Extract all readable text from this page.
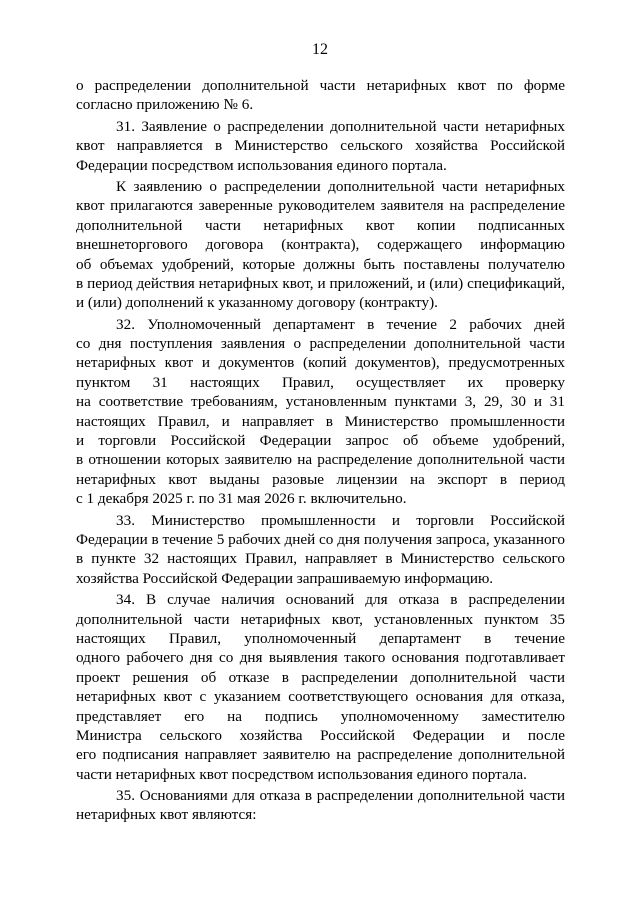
12
о распределении дополнительной части нетарифных квот по форме
согласно приложению № 6.
31. Заявление о распределении дополнительной части нетарифных
квот направляется в Министерство сельского хозяйства Российской
Федерации посредством использования единого портала.
К заявлению о распределении дополнительной части нетарифных
квот прилагаются заверенные руководителем заявителя на распределение
дополнительной части нетарифных квот копии подписанных
внешнеторгового договора (контракта), содержащего информацию
об объемах удобрений, которые должны быть поставлены получателю
в период действия нетарифных квот, и приложений, и (или) спецификаций,
и (или) дополнений к указанному договору (контракту).
32. Уполномоченный департамент в течение 2 рабочих дней
со дня поступления заявления о распределении дополнительной части
нетарифных квот и документов (копий документов), предусмотренных
пунктом 31 настоящих Правил, осуществляет их проверку
на соответствие требованиям, установленным пунктами 3, 29, 30 и 31
настоящих Правил, и направляет в Министерство промышленности
и торговли Российской Федерации запрос об объеме удобрений,
в отношении которых заявителю на распределение дополнительной части
нетарифных квот выданы разовые лицензии на экспорт в период
с 1 декабря 2025 г. по 31 мая 2026 г. включительно.
33. Министерство промышленности и торговли Российской
Федерации в течение 5 рабочих дней со дня получения запроса, указанного
в пункте 32 настоящих Правил, направляет в Министерство сельского
хозяйства Российской Федерации запрашиваемую информацию.
34. В случае наличия оснований для отказа в распределении
дополнительной части нетарифных квот, установленных пунктом 35
настоящих Правил, уполномоченный департамент в течение
одного рабочего дня со дня выявления такого основания подготавливает
проект решения об отказе в распределении дополнительной части
нетарифных квот с указанием соответствующего основания для отказа,
представляет его на подпись уполномоченному заместителю
Министра сельского хозяйства Российской Федерации и после
его подписания направляет заявителю на распределение дополнительной
части нетарифных квот посредством использования единого портала.
35. Основаниями для отказа в распределении дополнительной части
нетарифных квот являются:
